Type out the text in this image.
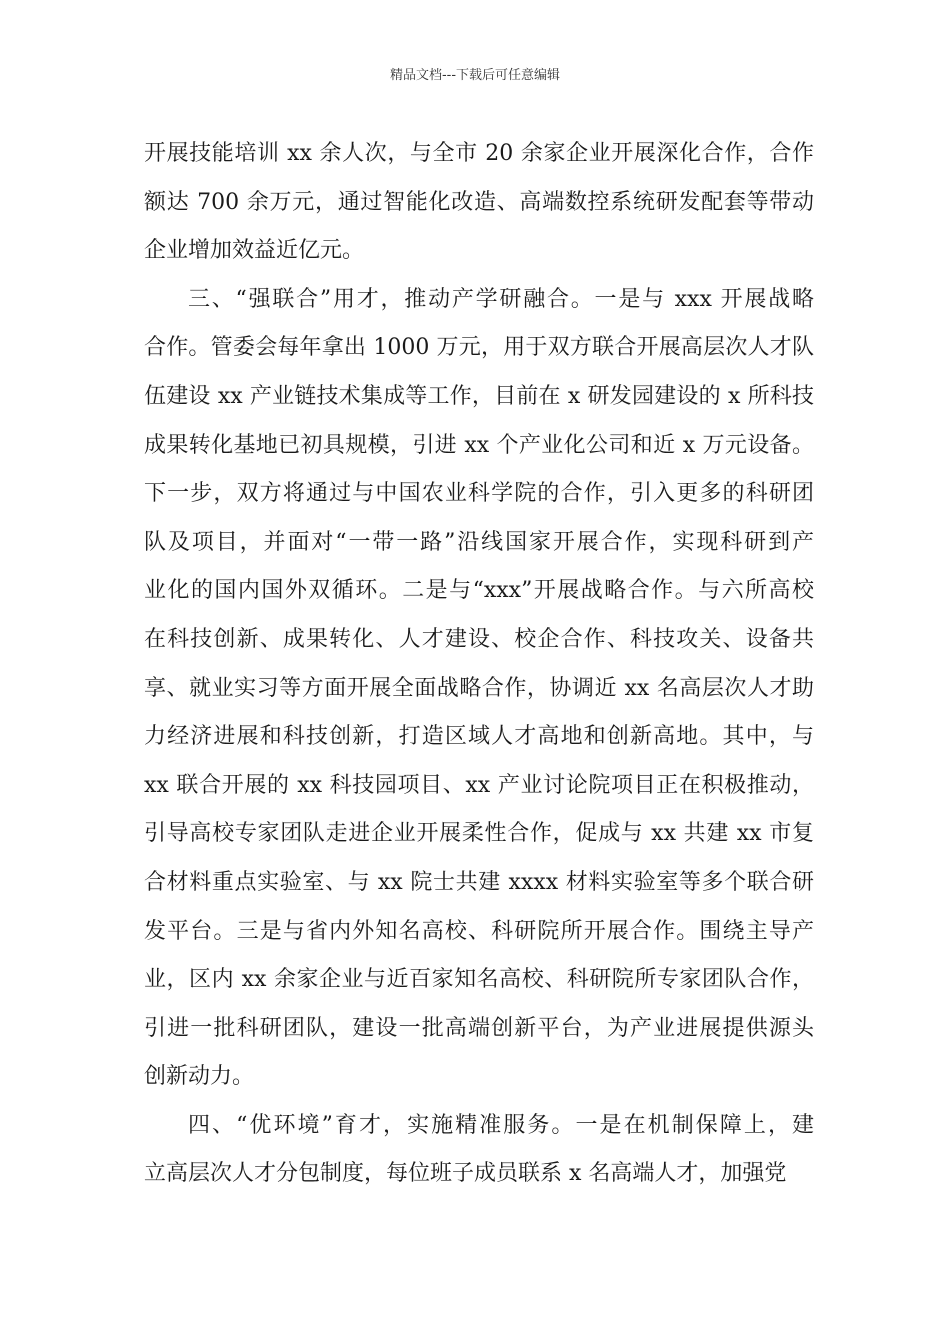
精品文档---下载后可任意编辑
开展技能培训 xx 余人次，与全市 20 余家企业开展深化合作，合作
额达 700 余万元，通过智能化改造、高端数控系统研发配套等带动
企业增加效益近亿元。
三、“强联合”用才，推动产学研融合。一是与 xxx 开展战略
合作。管委会每年拿出 1000 万元，用于双方联合开展高层次人才队
伍建设 xx 产业链技术集成等工作，目前在 x 研发园建设的 x 所科技
成果转化基地已初具规模，引进 xx 个产业化公司和近 x 万元设备。
下一步，双方将通过与中国农业科学院的合作，引入更多的科研团
队及项目，并面对“一带一路”沿线国家开展合作，实现科研到产
业化的国内国外双循环。二是与“xxx”开展战略合作。与六所高校
在科技创新、成果转化、人才建设、校企合作、科技攻关、设备共
享、就业实习等方面开展全面战略合作，协调近 xx 名高层次人才助
力经济进展和科技创新，打造区域人才高地和创新高地。其中，与
xx 联合开展的 xx 科技园项目、xx 产业讨论院项目正在积极推动，
引导高校专家团队走进企业开展柔性合作，促成与 xx 共建 xx 市复
合材料重点实验室、与 xx 院士共建 xxxx 材料实验室等多个联合研
发平台。三是与省内外知名高校、科研院所开展合作。围绕主导产
业，区内 xx 余家企业与近百家知名高校、科研院所专家团队合作，
引进一批科研团队，建设一批高端创新平台，为产业进展提供源头
创新动力。
四、“优环境”育才，实施精准服务。一是在机制保障上，建
立高层次人才分包制度，每位班子成员联系 x 名高端人才，加强党
